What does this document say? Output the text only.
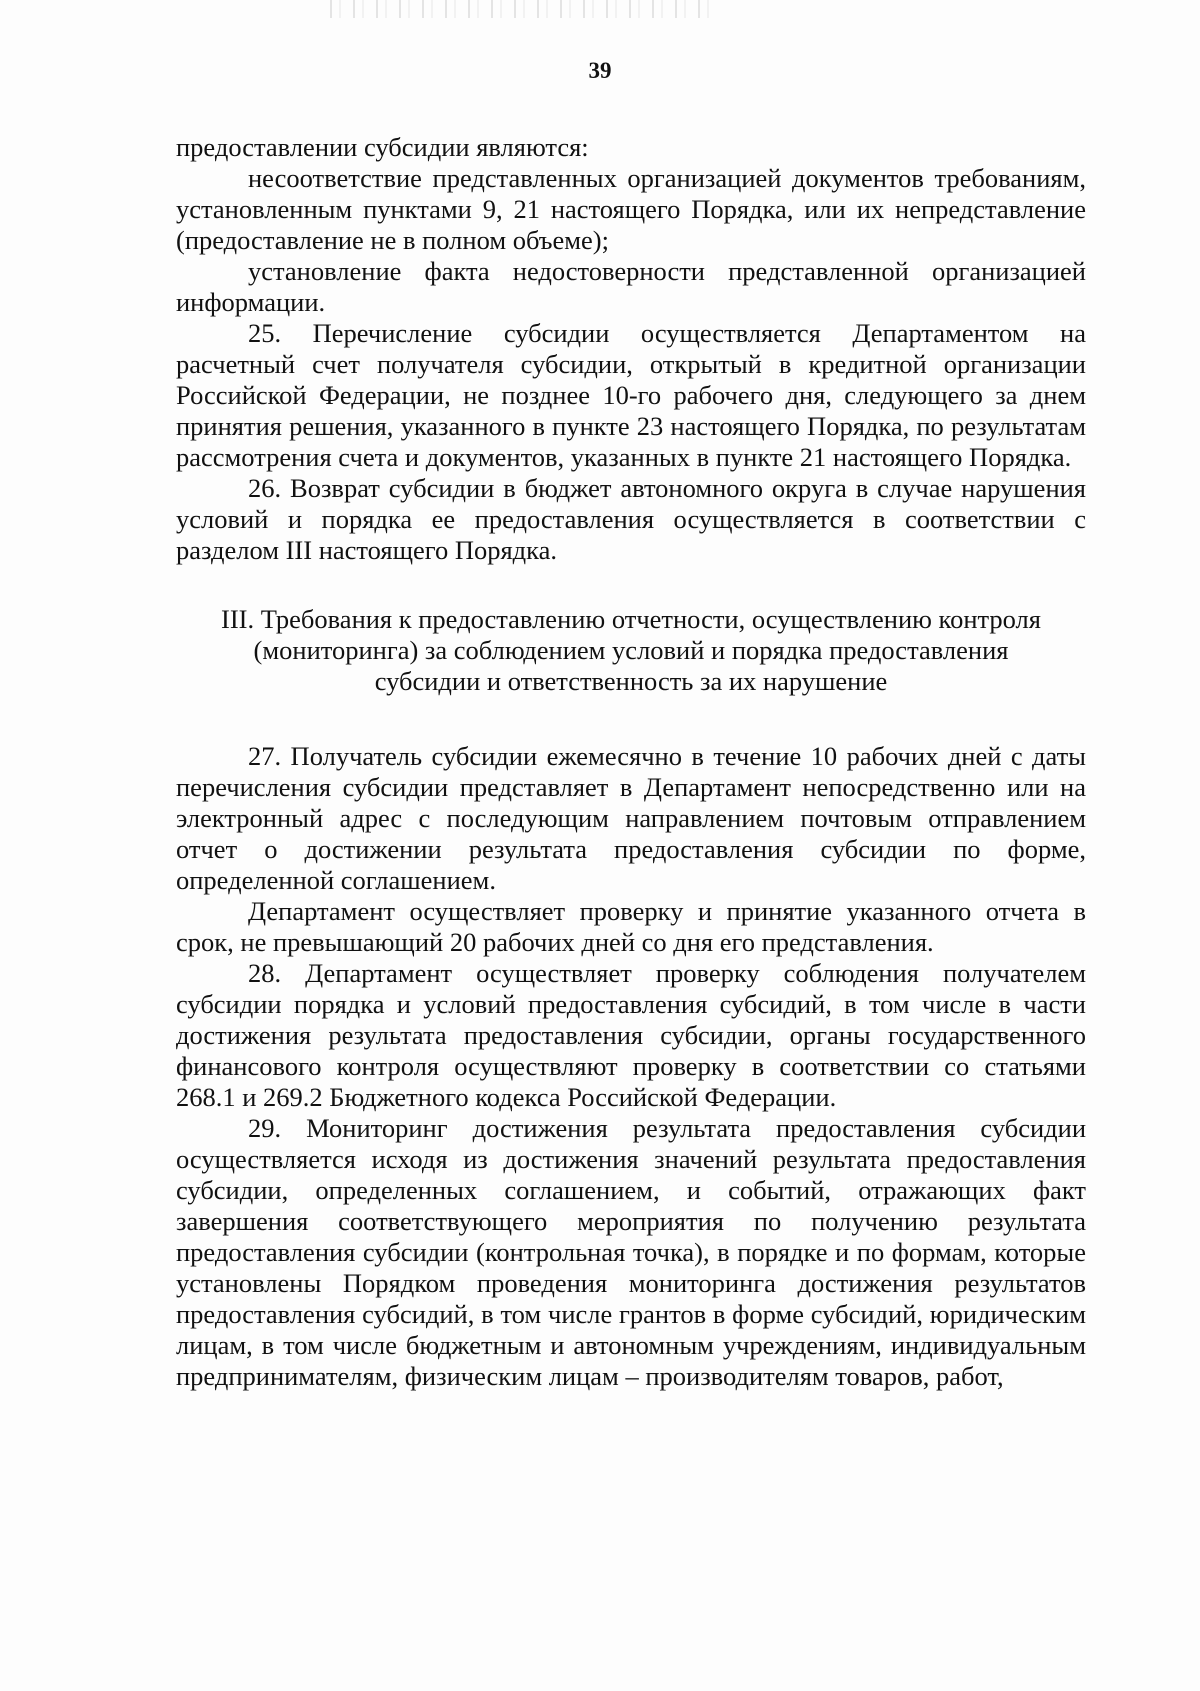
39

предоставлении субсидии являются:

несоответствие представленных организацией документов требованиям, установленным пунктами 9, 21 настоящего Порядка, или их непредставление (предоставление не в полном объеме);

установление факта недостоверности представленной организацией информации.

25. Перечисление субсидии осуществляется Департаментом на расчетный счет получателя субсидии, открытый в кредитной организации Российской Федерации, не позднее 10-го рабочего дня, следующего за днем принятия решения, указанного в пункте 23 настоящего Порядка, по результатам рассмотрения счета и документов, указанных в пункте 21 настоящего Порядка.

26. Возврат субсидии в бюджет автономного округа в случае нарушения условий и порядка ее предоставления осуществляется в соответствии с разделом III настоящего Порядка.

III. Требования к предоставлению отчетности, осуществлению контроля
(мониторинга) за соблюдением условий и порядка предоставления
субсидии и ответственность за их нарушение

27. Получатель субсидии ежемесячно в течение 10 рабочих дней с даты перечисления субсидии представляет в Департамент непосредственно или на электронный адрес с последующим направлением почтовым отправлением отчет о достижении результата предоставления субсидии по форме, определенной соглашением.

Департамент осуществляет проверку и принятие указанного отчета в срок, не превышающий 20 рабочих дней со дня его представления.

28. Департамент осуществляет проверку соблюдения получателем субсидии порядка и условий предоставления субсидий, в том числе в части достижения результата предоставления субсидии, органы государственного финансового контроля осуществляют проверку в соответствии со статьями 268.1 и 269.2 Бюджетного кодекса Российской Федерации.

29. Мониторинг достижения результата предоставления субсидии осуществляется исходя из достижения значений результата предоставления субсидии, определенных соглашением, и событий, отражающих факт завершения соответствующего мероприятия по получению результата предоставления субсидии (контрольная точка), в порядке и по формам, которые установлены Порядком проведения мониторинга достижения результатов предоставления субсидий, в том числе грантов в форме субсидий, юридическим лицам, в том числе бюджетным и автономным учреждениям, индивидуальным предпринимателям, физическим лицам – производителям товаров, работ,
